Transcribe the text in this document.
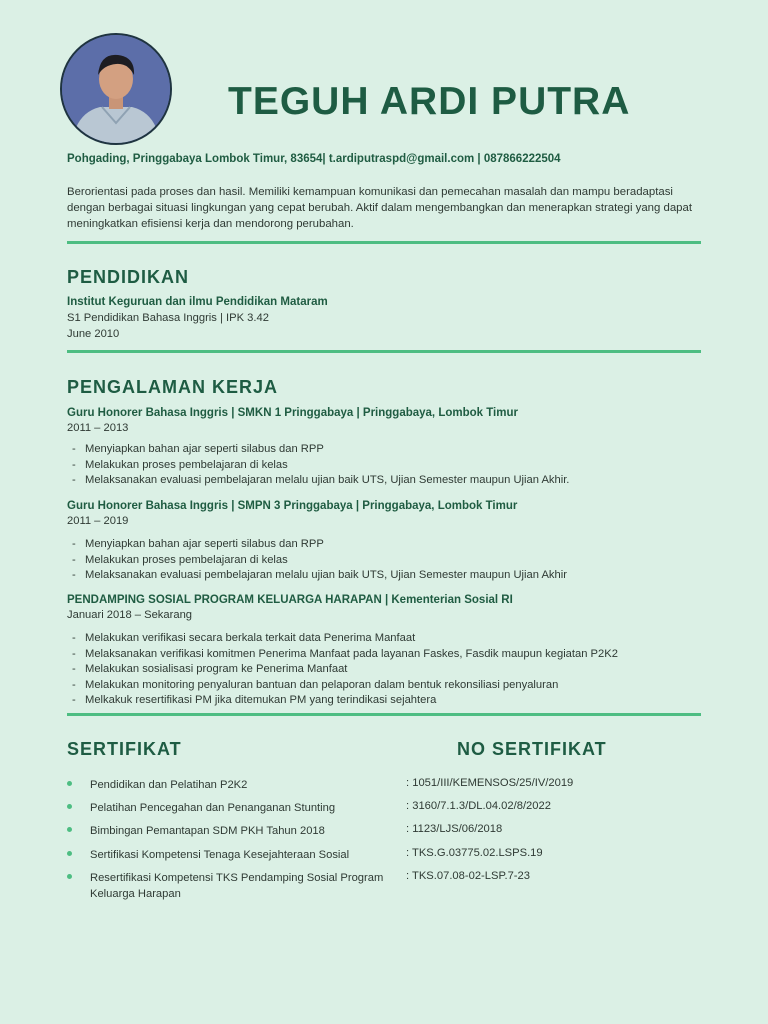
TEGUH ARDI PUTRA
Pohgading, Pringgabaya Lombok Timur, 83654| t.ardiputraspd@gmail.com | 087866222504
Berorientasi pada proses dan hasil. Memiliki kemampuan komunikasi dan pemecahan masalah dan mampu beradaptasi
dengan berbagai situasi lingkungan yang cepat berubah. Aktif dalam mengembangkan dan menerapkan strategi yang dapat
meningkatkan efisiensi kerja dan mendorong perubahan.
PENDIDIKAN
Institut Keguruan dan ilmu Pendidikan Mataram
S1 Pendidikan Bahasa Inggris | IPK 3.42
June 2010
PENGALAMAN KERJA
Guru Honorer Bahasa Inggris | SMKN 1 Pringgabaya | Pringgabaya, Lombok Timur
2011 – 2013
- Menyiapkan bahan ajar seperti silabus dan RPP
- Melakukan proses pembelajaran di kelas
- Melaksanakan evaluasi pembelajaran melalu ujian baik UTS, Ujian Semester maupun Ujian Akhir.
Guru Honorer Bahasa Inggris | SMPN 3 Pringgabaya | Pringgabaya, Lombok Timur
2011 – 2019
- Menyiapkan bahan ajar seperti silabus dan RPP
- Melakukan proses pembelajaran di kelas
- Melaksanakan evaluasi pembelajaran melalu ujian baik UTS, Ujian Semester maupun Ujian Akhir
PENDAMPING SOSIAL PROGRAM KELUARGA HARAPAN | Kementerian Sosial RI
Januari 2018 – Sekarang
- Melakukan verifikasi secara berkala terkait data Penerima Manfaat
- Melaksanakan verifikasi komitmen Penerima Manfaat pada layanan Faskes, Fasdik maupun kegiatan P2K2
- Melakukan sosialisasi program ke Penerima Manfaat
- Melakukan monitoring penyaluran bantuan dan pelaporan dalam bentuk rekonsiliasi penyaluran
- Melkakuk resertifikasi PM jika ditemukan PM yang terindikasi sejahtera
SERTIFIKAT	NO SERTIFIKAT
Pendidikan dan Pelatihan P2K2	: 1051/III/KEMENSOS/25/IV/2019
Pelatihan Pencegahan dan Penanganan Stunting	: 3160/7.1.3/DL.04.02/8/2022
Bimbingan Pemantapan SDM PKH Tahun 2018	: 1123/LJS/06/2018
Sertifikasi Kompetensi Tenaga Kesejahteraan Sosial	: TKS.G.03775.02.LSPS.19
Resertifikasi Kompetensi TKS Pendamping Sosial Program Keluarga Harapan
: TKS.07.08-02-LSP.7-23
